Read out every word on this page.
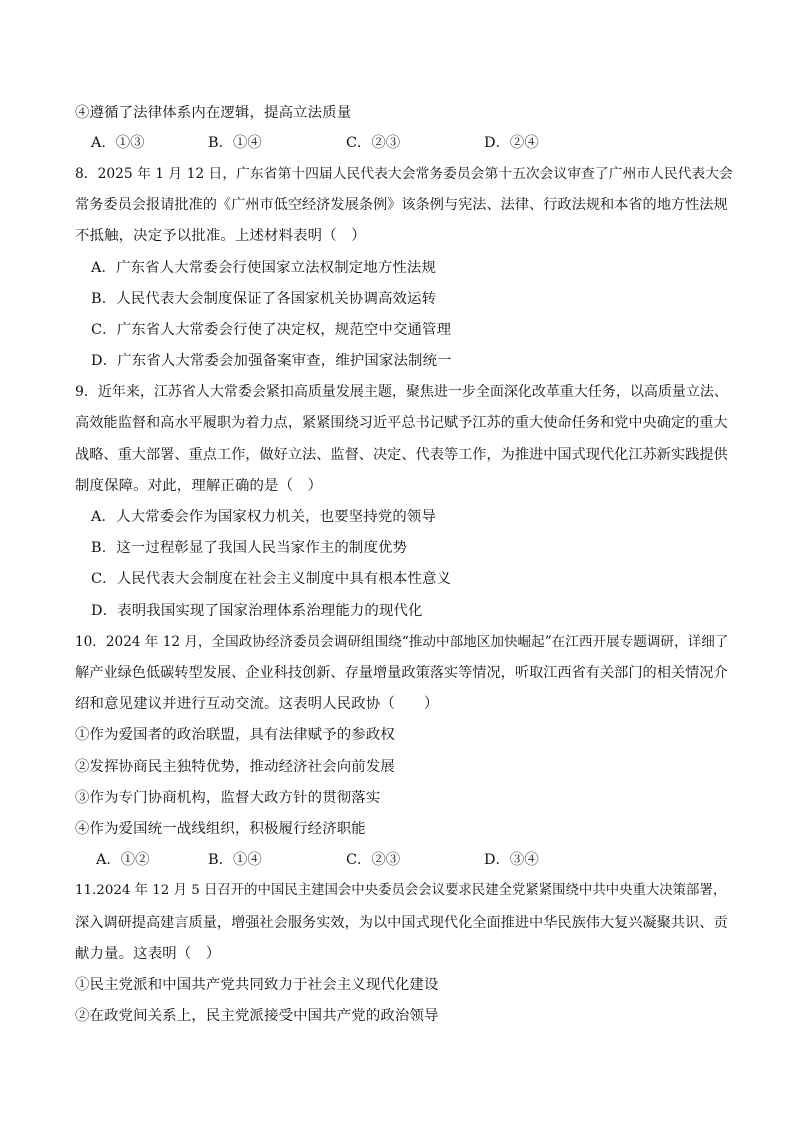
④遵循了法律体系内在逻辑，提高立法质量
A．①③	B．①④	C．②③	D．②④
8．2025 年 1 月 12 日，广东省第十四届人民代表大会常务委员会第十五次会议审查了广州市人民代表大会
常务委员会报请批准的《广州市低空经济发展条例》该条例与宪法、法律、行政法规和本省的地方性法规
不抵触，决定予以批准。上述材料表明（　）
A．广东省人大常委会行使国家立法权制定地方性法规
B．人民代表大会制度保证了各国家机关协调高效运转
C．广东省人大常委会行使了决定权，规范空中交通管理
D．广东省人大常委会加强备案审查，维护国家法制统一
9．近年来，江苏省人大常委会紧扣高质量发展主题，聚焦进一步全面深化改革重大任务，以高质量立法、
高效能监督和高水平履职为着力点，紧紧围绕习近平总书记赋予江苏的重大使命任务和党中央确定的重大
战略、重大部署、重点工作，做好立法、监督、决定、代表等工作，为推进中国式现代化江苏新实践提供
制度保障。对此，理解正确的是（　）
A．人大常委会作为国家权力机关，也要坚持党的领导
B．这一过程彰显了我国人民当家作主的制度优势
C．人民代表大会制度在社会主义制度中具有根本性意义
D．表明我国实现了国家治理体系治理能力的现代化
10．2024 年 12 月，全国政协经济委员会调研组围绕“推动中部地区加快崛起”在江西开展专题调研，详细了
解产业绿色低碳转型发展、企业科技创新、存量增量政策落实等情况，听取江西省有关部门的相关情况介
绍和意见建议并进行互动交流。这表明人民政协（　　）
①作为爱国者的政治联盟，具有法律赋予的参政权
②发挥协商民主独特优势，推动经济社会向前发展
③作为专门协商机构，监督大政方针的贯彻落实
④作为爱国统一战线组织，积极履行经济职能
A．①②	B．①④	C．②③	D．③④
11.2024 年 12 月 5 日召开的中国民主建国会中央委员会会议要求民建全党紧紧围绕中共中央重大决策部署，
深入调研提高建言质量，增强社会服务实效，为以中国式现代化全面推进中华民族伟大复兴凝聚共识、贡
献力量。这表明（　）
①民主党派和中国共产党共同致力于社会主义现代化建设
②在政党间关系上，民主党派接受中国共产党的政治领导
